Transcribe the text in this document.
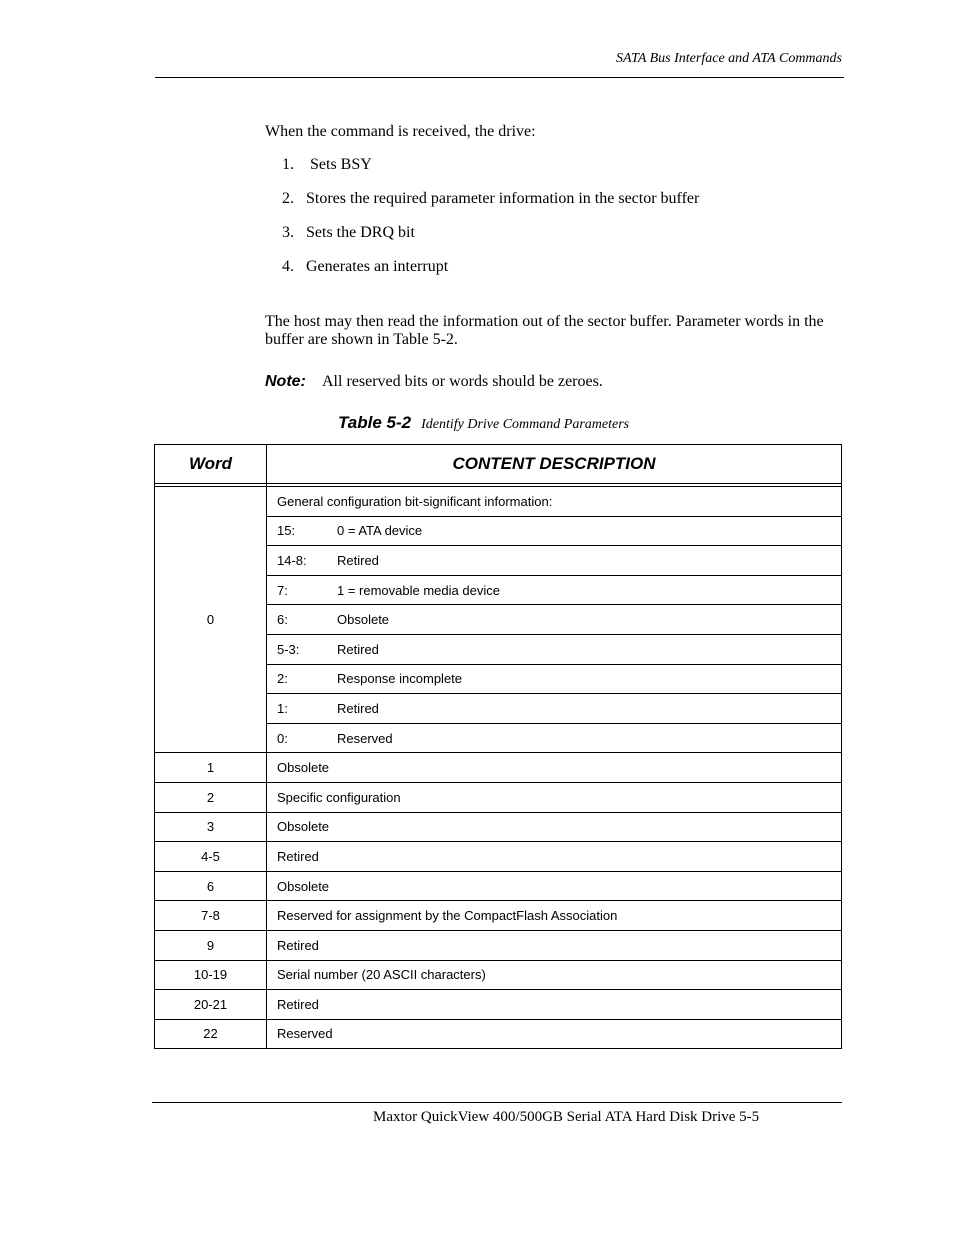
SATA Bus Interface and ATA Commands
When the command is received, the drive:
1. Sets BSY
2. Stores the required parameter information in the sector buffer
3. Sets the DRQ bit
4. Generates an interrupt
The host may then read the information out of the sector buffer. Parameter words in the buffer are shown in Table 5-2.
Note: All reserved bits or words should be zeroes.
Table 5-2 Identify Drive Command Parameters
Word	CONTENT DESCRIPTION

0	General configuration bit-significant information:
	15: 0 = ATA device
	14-8: Retired
	7: 1 = removable media device
	6: Obsolete
	5-3: Retired
	2: Response incomplete
	1: Retired
	0: Reserved
1	Obsolete
2	Specific configuration
3	Obsolete
4-5	Retired
6	Obsolete
7-8	Reserved for assignment by the CompactFlash Association
9	Retired
10-19	Serial number (20 ASCII characters)
20-21	Retired
22	Reserved
Maxtor QuickView 400/500GB Serial ATA Hard Disk Drive 5-5
